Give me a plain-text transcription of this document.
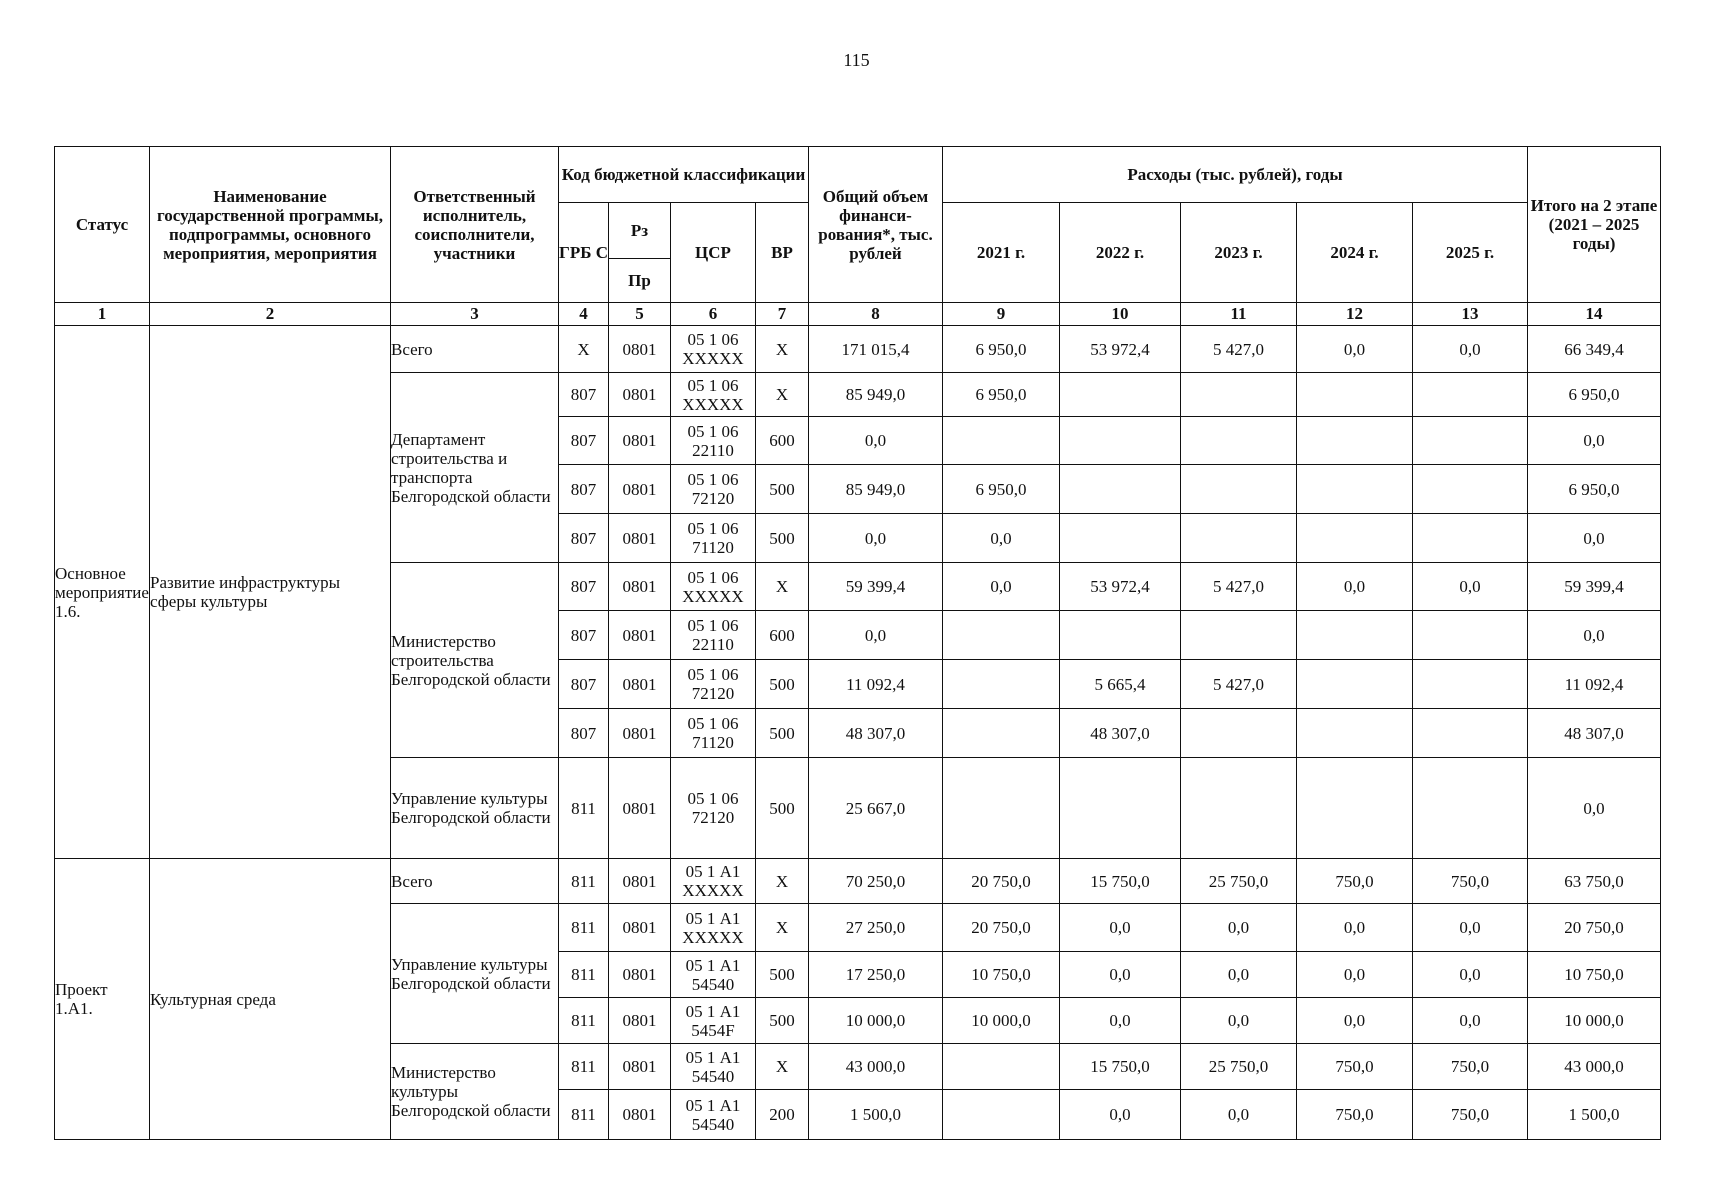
115
Статус	Наименование государственной программы, подпрограммы, основного мероприятия, мероприятия	Ответственный исполнитель, соисполнители, участники	Код бюджетной классификации				Общий объем финанси-рования*, тыс. рублей	Расходы (тыс. рублей), годы					Итого на 2 этапе (2021 – 2025 годы)
			ГРБ С	Рз	ЦСР	ВР		2021 г.	2022 г.	2023 г.	2024 г.	2025 г.	
				Пр									
1	2	3	4	5	6	7	8	9	10	11	12	13	14
Основное мероприятие 1.6.	Развитие инфраструктуры сферы культуры	Всего	Х	0801	05 1 06 ХХХХХ	Х	171 015,4	6 950,0	53 972,4	5 427,0	0,0	0,0	66 349,4
		Департамент строительства и транспорта Белгородской области	807	0801	05 1 06 ХХХХХ	Х	85 949,0	6 950,0					6 950,0
			807	0801	05 1 06 22110	600	0,0						0,0
			807	0801	05 1 06 72120	500	85 949,0	6 950,0					6 950,0
			807	0801	05 1 06 71120	500	0,0	0,0					0,0
		Министерство строительства Белгородской области	807	0801	05 1 06 ХХХХХ	Х	59 399,4	0,0	53 972,4	5 427,0	0,0	0,0	59 399,4
			807	0801	05 1 06 22110	600	0,0						0,0
			807	0801	05 1 06 72120	500	11 092,4		5 665,4	5 427,0			11 092,4
			807	0801	05 1 06 71120	500	48 307,0		48 307,0				48 307,0
		Управление культуры Белгородской области	811	0801	05 1 06 72120	500	25 667,0						0,0
Проект 1.А1.	Культурная среда	Всего	811	0801	05 1 А1 ХХХХХ	Х	70 250,0	20 750,0	15 750,0	25 750,0	750,0	750,0	63 750,0
		Управление культуры Белгородской области	811	0801	05 1 А1 ХХХХХ	Х	27 250,0	20 750,0	0,0	0,0	0,0	0,0	20 750,0
			811	0801	05 1 А1 54540	500	17 250,0	10 750,0	0,0	0,0	0,0	0,0	10 750,0
			811	0801	05 1 А1 5454F	500	10 000,0	10 000,0	0,0	0,0	0,0	0,0	10 000,0
		Министерство культуры Белгородской области	811	0801	05 1 А1 54540	Х	43 000,0		15 750,0	25 750,0	750,0	750,0	43 000,0
			811	0801	05 1 А1 54540	200	1 500,0		0,0	0,0	750,0	750,0	1 500,0
